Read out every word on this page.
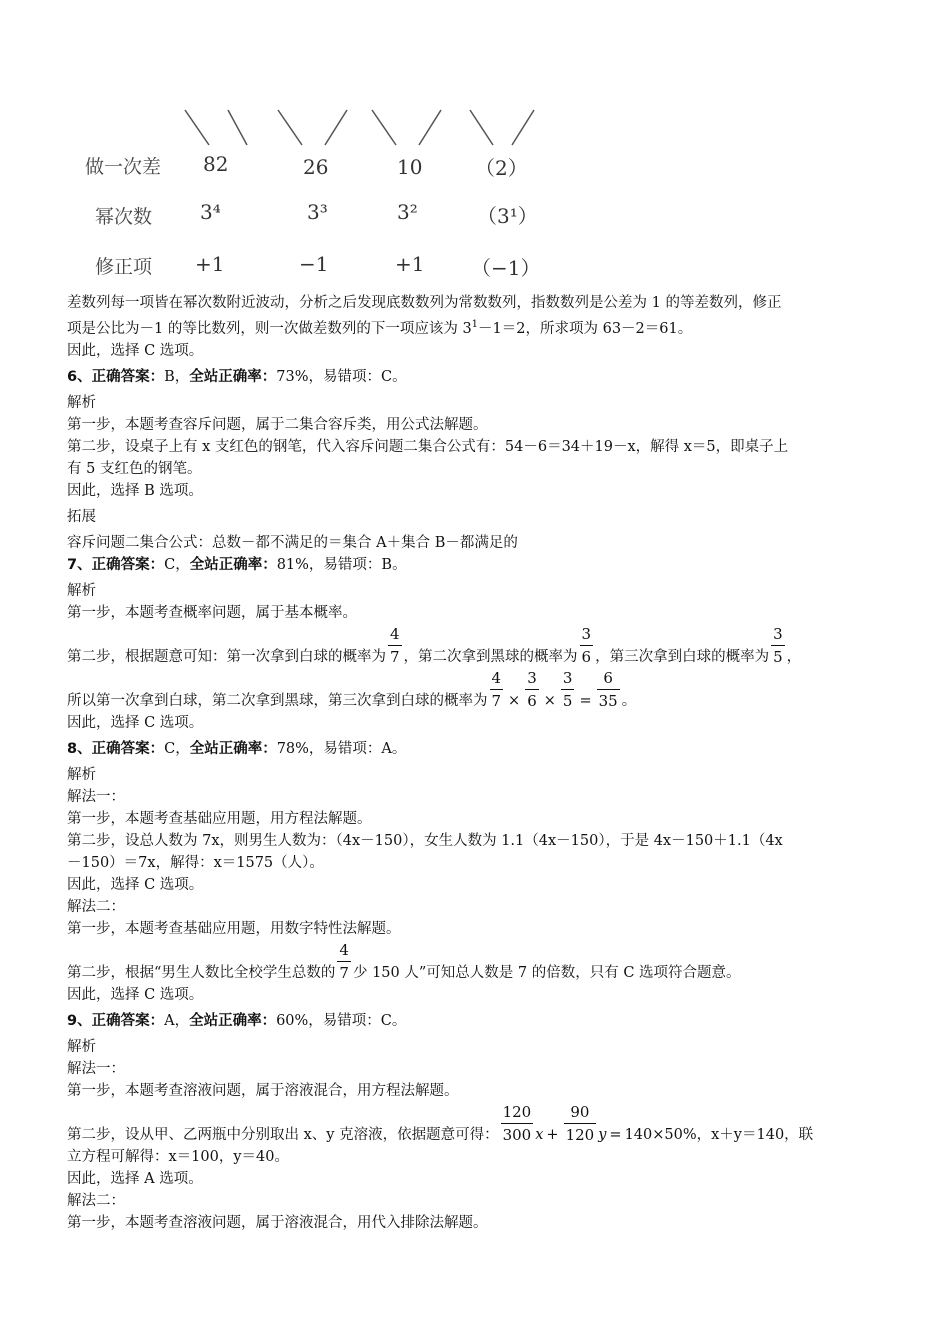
做一次差 82	26	10	（2）
幂次数 3⁴	3³	3²	（3¹）
修正项 +1	−1	+1 （−1）

差数列每一项皆在幂次数附近波动，分析之后发现底数数列为常数数列，指数数列是公差为 1 的等差数列，修正

项是公比为－1 的等比数列，则一次做差数列的下一项应该为 $3^1-1=2$，所求项为 63－2＝61。

因此，选择 C 选项。

6、正确答案：B，全站正确率：73%，易错项：C。

解析

第一步，本题考查容斥问题，属于二集合容斥类，用公式法解题。

第二步，设桌子上有 x 支红色的钢笔，代入容斥问题二集合公式有：54－6＝34＋19－x，解得 x＝5，即桌子上

有 5 支红色的钢笔。

因此，选择 B 选项。

拓展

容斥问题二集合公式：总数－都不满足的＝集合 A＋集合 B－都满足的

7、正确答案：C，全站正确率：81%，易错项：B。

解析

第一步，本题考查概率问题，属于基本概率。

第二步，根据题意可知：第一次拿到白球的概率为 $\frac{4}{7}$ ，第二次拿到黑球的概率为 $\frac{3}{6}$ ，第三次拿到白球的概率为 $\frac{3}{5}$ ，
所以第一次拿到白球，第二次拿到黑球，第三次拿到白球的概率为 $\frac{4}{7} \times \frac{3}{6} \times \frac{3}{5} = \frac{6}{35}$ 。

因此，选择 C 选项。

8、正确答案：C，全站正确率：78%，易错项：A。

解析

解法一：

第一步，本题考查基础应用题，用方程法解题。

第二步，设总人数为 7x，则男生人数为：（4x－150），女生人数为 1.1（4x－150），于是 4x－150＋1.1（4x

－150）＝7x，解得：x＝1575（人）。

因此，选择 C 选项。

解法二：

第一步，本题考查基础应用题，用数字特性法解题。

第二步，根据“男生人数比全校学生总数的 $\frac{4}{7}$ 少 150 人”可知总人数是 7 的倍数，只有 C 选项符合题意。

因此，选择 C 选项。

9、正确答案：A，全站正确率：60%，易错项：C。

解析

解法一：

第一步，本题考查溶液问题，属于溶液混合，用方程法解题。

第二步，设从甲、乙两瓶中分别取出 x、y 克溶液，依据题意可得： $\frac{120}{300}$ $x + \frac{90}{120}$ y = 140×50%，x＋y＝140，联

立方程可解得：x＝100，y＝40。

因此，选择 A 选项。

解法二：

第一步，本题考查溶液问题，属于溶液混合，用代入排除法解题。
